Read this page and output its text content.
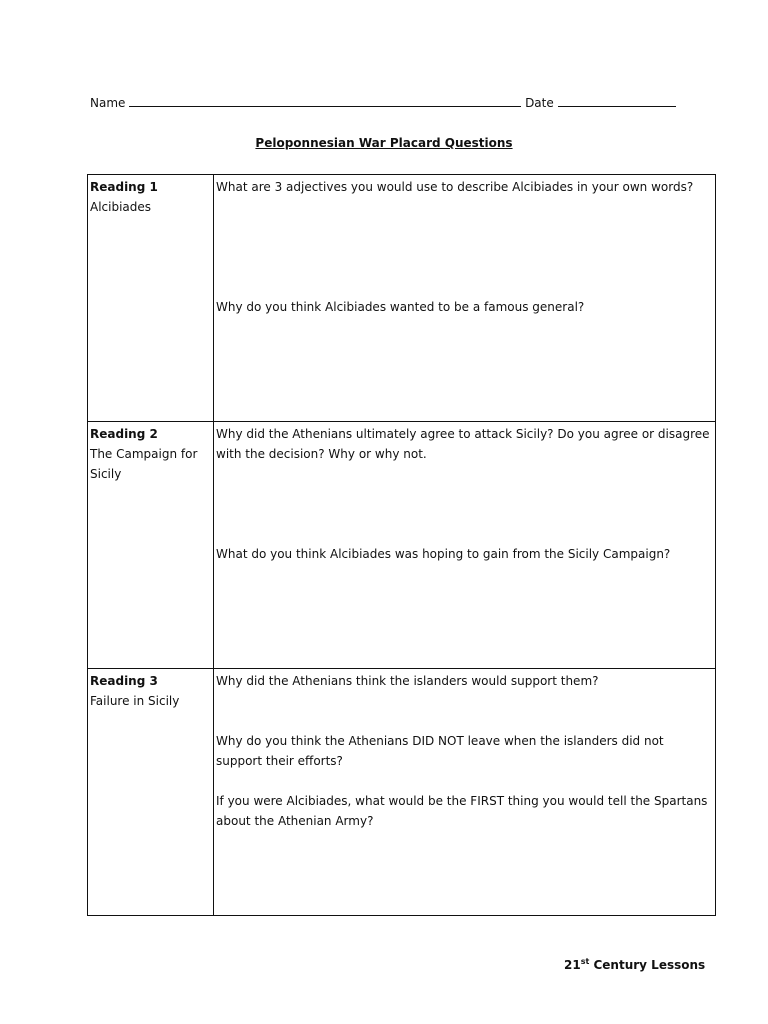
Name	Date
Peloponnesian War Placard Questions
Reading 1
Alcibiades	What are 3 adjectives you would use to describe Alcibiades in your own words?
Why do you think Alcibiades wanted to be a famous general?

Reading 2
The Campaign for Sicily	Why did the Athenians ultimately agree to attack Sicily? Do you agree or disagree with the decision? Why or why not.
What do you think Alcibiades was hoping to gain from the Sicily Campaign?

Reading 3
Failure in Sicily	Why did the Athenians think the islanders would support them?
Why do you think the Athenians DID NOT leave when the islanders did not support their efforts?
If you were Alcibiades, what would be the FIRST thing you would tell the Spartans about the Athenian Army?
21st Century Lessons
